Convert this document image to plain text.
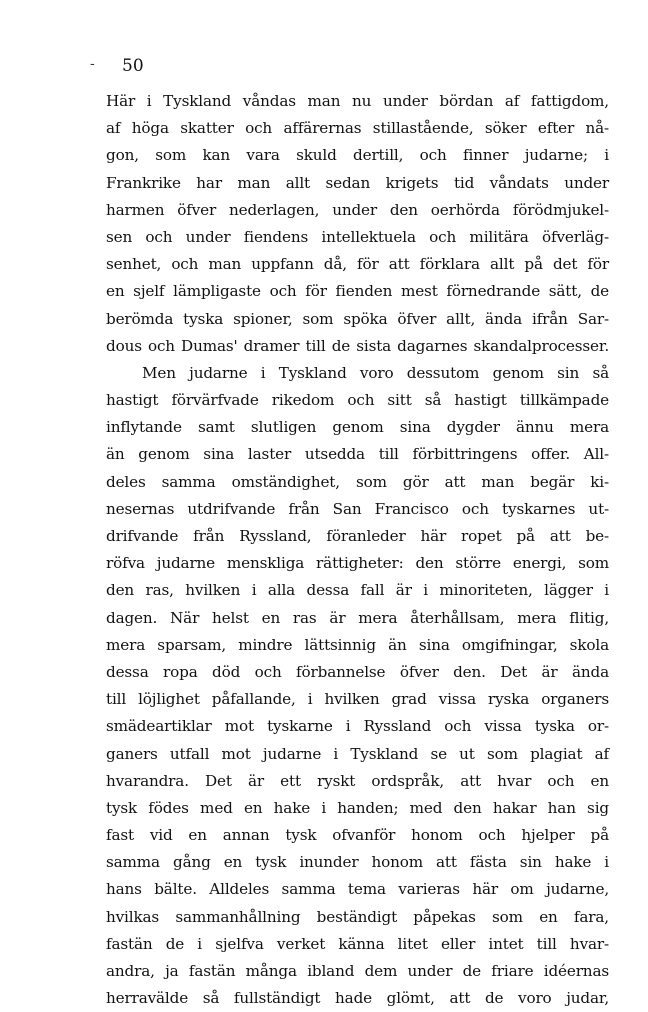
- 50
Här i Tyskland våndas man nu under bördan af fattigdom,
af höga skatter och affärernas stillastående, söker efter nå-
gon, som kan vara skuld dertill, och finner judarne; i
Frankrike har man allt sedan krigets tid våndats under
harmen öfver nederlagen, under den oerhörda förödmjukel-
sen och under fiendens intellektuela och militära öfverläg-
senhet, och man uppfann då, för att förklara allt på det för
en sjelf lämpligaste och för fienden mest förnedrande sätt, de
berömda tyska spioner, som spöka öfver allt, ända ifrån Sar-
dous och Dumas' dramer till de sista dagarnes skandalprocesser.
Men judarne i Tyskland voro dessutom genom sin så
hastigt förvärfvade rikedom och sitt så hastigt tillkämpade
inflytande samt slutligen genom sina dygder ännu mera
än genom sina laster utsedda till förbittringens offer. All-
deles samma omständighet, som gör att man begär ki-
nesernas utdrifvande från San Francisco och tyskarnes ut-
drifvande från Ryssland, föranleder här ropet på att be-
röfva judarne menskliga rättigheter: den större energi, som
den ras, hvilken i alla dessa fall är i minoriteten, lägger i
dagen. När helst en ras är mera återhållsam, mera flitig,
mera sparsam, mindre lättsinnig än sina omgifningar, skola
dessa ropa död och förbannelse öfver den. Det är ända
till löjlighet påfallande, i hvilken grad vissa ryska organers
smädeartiklar mot tyskarne i Ryssland och vissa tyska or-
ganers utfall mot judarne i Tyskland se ut som plagiat af
hvarandra. Det är ett ryskt ordspråk, att hvar och en
tysk födes med en hake i handen; med den hakar han sig
fast vid en annan tysk ofvanför honom och hjelper på
samma gång en tysk inunder honom att fästa sin hake i
hans bälte. Alldeles samma tema varieras här om judarne,
hvilkas sammanhållning beständigt påpekas som en fara,
fastän de i sjelfva verket känna litet eller intet till hvar-
andra, ja fastän många ibland dem under de friare idéernas
herravälde så fullständigt hade glömt, att de voro judar,
